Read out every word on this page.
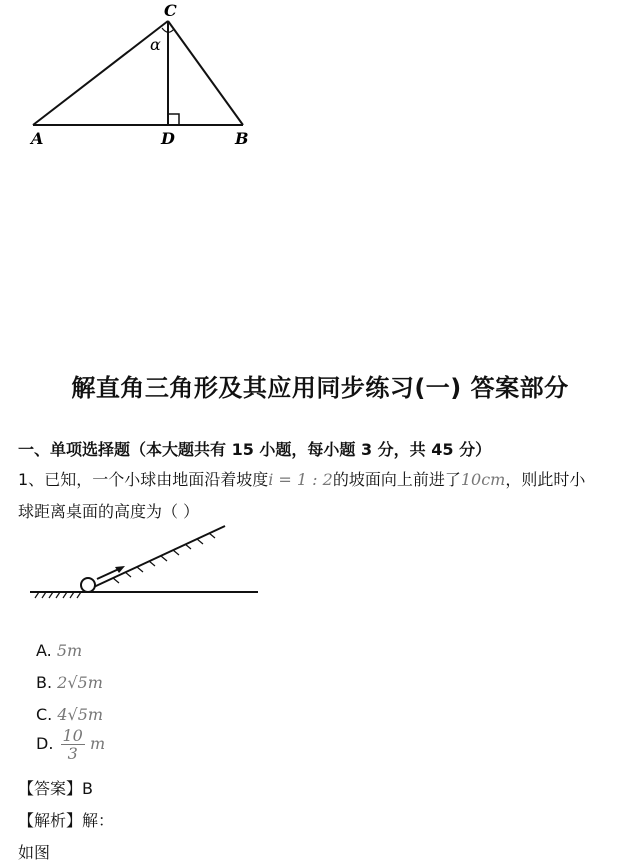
C
α
A	D	B
解直角三角形及其应用同步练习(一) 答案部分
一、单项选择题（本大题共有 15 小题，每小题 3 分，共 45 分）
1、已知，一个小球由地面沿着坡度i = 1 : 2的坡面向上前进了10cm，则此时小
球距离桌面的高度为（ ）
A. 5m
B. 2√5m
C. 4√5m
D. $\frac{10}{3}$ m
【答案】B
【解析】解：
如图
